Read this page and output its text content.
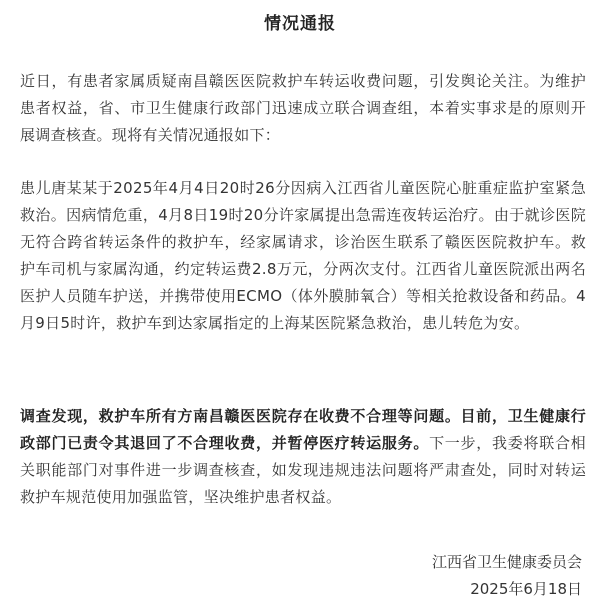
情况通报

近日，有患者家属质疑南昌赣医医院救护车转运收费问题，引发舆论关注。为维护患者权益，省、市卫生健康行政部门迅速成立联合调查组，本着实事求是的原则开展调查核查。现将有关情况通报如下：

患儿唐某某于2025年4月4日20时26分因病入江西省儿童医院心脏重症监护室紧急救治。因病情危重，4月8日19时20分许家属提出急需连夜转运治疗。由于就诊医院无符合跨省转运条件的救护车，经家属请求，诊治医生联系了赣医医院救护车。救护车司机与家属沟通，约定转运费2.8万元，分两次支付。江西省儿童医院派出两名医护人员随车护送，并携带使用ECMO（体外膜肺氧合）等相关抢救设备和药品。4月9日5时许，救护车到达家属指定的上海某医院紧急救治，患儿转危为安。

调查发现，救护车所有方南昌赣医医院存在收费不合理等问题。目前，卫生健康行政部门已责令其退回了不合理收费，并暂停医疗转运服务。下一步，我委将联合相关职能部门对事件进一步调查核查，如发现违规违法问题将严肃查处，同时对转运救护车规范使用加强监管，坚决维护患者权益。

江西省卫生健康委员会
2025年6月18日
